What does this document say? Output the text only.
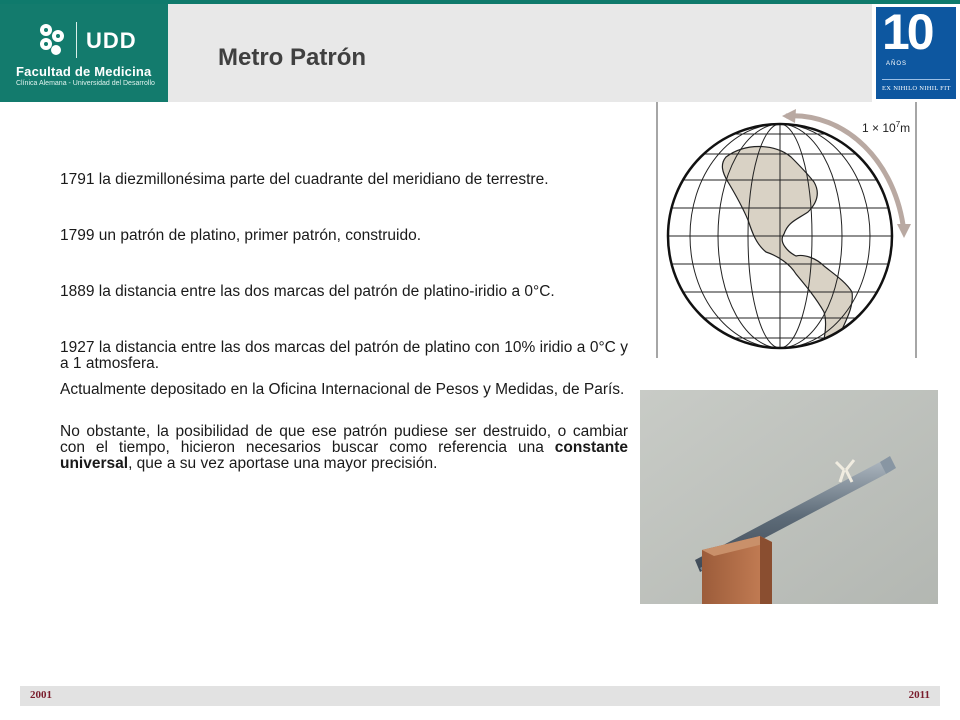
UDD
Facultad de Medicina
Clínica Alemana - Universidad del Desarrollo
Metro Patrón	10
AÑOS
EX NIHILO NIHIL FIT

1791 la diezmillonésima parte del cuadrante del meridiano de terrestre.

1799 un patrón de platino, primer patrón, construido.

1889 la distancia entre las dos marcas del patrón de platino-iridio a 0°C.

1927 la distancia entre las dos marcas del patrón de platino con 10% iridio a 0°C y a 1 atmosfera.

Actualmente depositado en la Oficina Internacional de Pesos y Medidas, de París.

No obstante, la posibilidad de que ese patrón pudiese ser destruido, o cambiar con el tiempo, hicieron necesarios buscar como referencia una constante universal, que a su vez aportase una mayor precisión.

$1 \times 10^7m$
2001	2011
